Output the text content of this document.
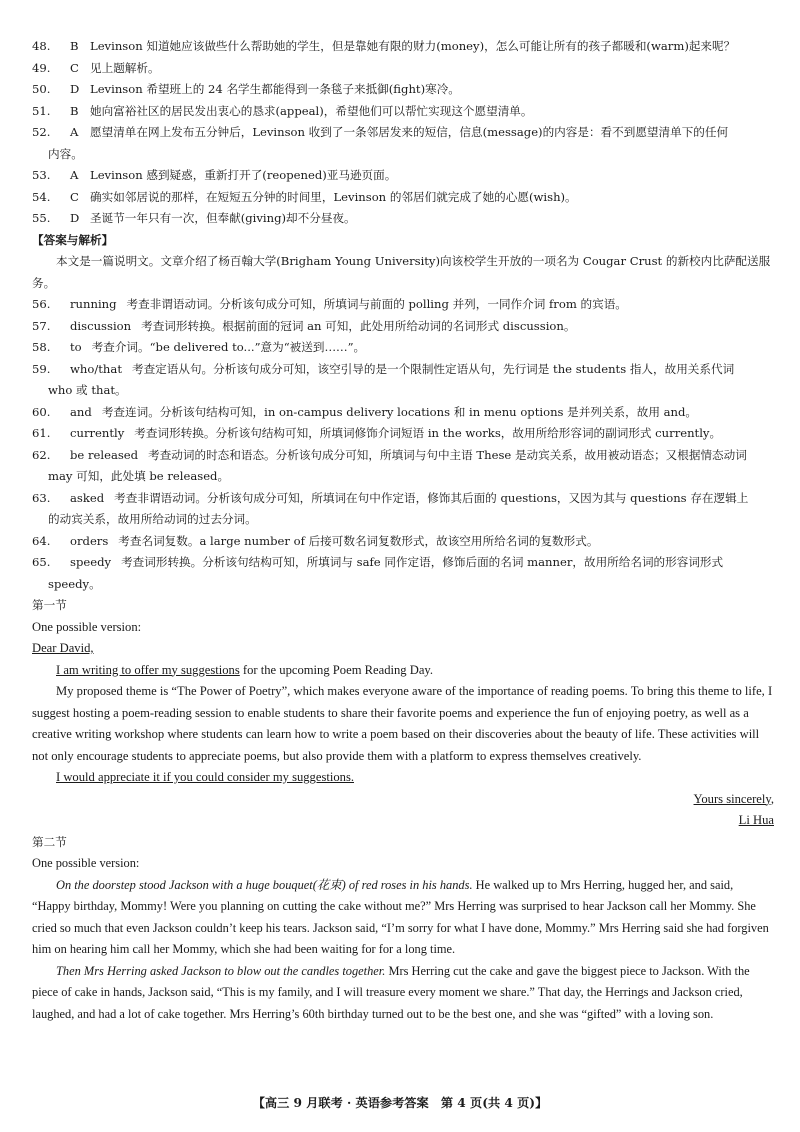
48. B Levinson 知道她应该做些什么帮助她的学生，但是靠她有限的财力(money)，怎么可能让所有的孩子都暖和(warm)起来呢？

49. C 见上题解析。

50. D Levinson 希望班上的 24 名学生都能得到一条毯子来抵御(fight)寒冷。

51. B 她向富裕社区的居民发出衷心的恳求(appeal)，希望他们可以帮忙实现这个愿望清单。

52. A 愿望清单在网上发布五分钟后，Levinson 收到了一条邻居发来的短信，信息(message)的内容是：看不到愿望清单下的任何

内容。

53. A Levinson 感到疑惑，重新打开了(reopened)亚马逊页面。

54. C 确实如邻居说的那样，在短短五分钟的时间里，Levinson 的邻居们就完成了她的心愿(wish)。

55. D 圣诞节一年只有一次，但奉献(giving)却不分昼夜。

【答案与解析】

本文是一篇说明文。文章介绍了杨百翰大学(Brigham Young University)向该校学生开放的一项名为 Cougar Crust 的新校内比萨配送服务。

56. running 考查非谓语动词。分析该句成分可知，所填词与前面的 polling 并列，一同作介词 from 的宾语。

57. discussion 考查词形转换。根据前面的冠词 an 可知，此处用所给动词的名词形式 discussion。

58. to 考查介词。“be delivered to...”意为“被送到……”。

59. who/that 考查定语从句。分析该句成分可知，该空引导的是一个限制性定语从句，先行词是 the students 指人，故用关系代词

who 或 that。

60. and 考查连词。分析该句结构可知，in on-campus delivery locations 和 in menu options 是并列关系，故用 and。

61. currently 考查词形转换。分析该句结构可知，所填词修饰介词短语 in the works，故用所给形容词的副词形式 currently。

62. be released 考查动词的时态和语态。分析该句成分可知，所填词与句中主语 These 是动宾关系，故用被动语态；又根据情态动词

may 可知，此处填 be released。

63. asked 考查非谓语动词。分析该句成分可知，所填词在句中作定语，修饰其后面的 questions，又因为其与 questions 存在逻辑上

的动宾关系，故用所给动词的过去分词。

64. orders 考查名词复数。a large number of 后接可数名词复数形式，故该空用所给名词的复数形式。

65. speedy 考查词形转换。分析该句结构可知，所填词与 safe 同作定语，修饰后面的名词 manner，故用所给名词的形容词形式

speedy。

第一节

One possible version:

Dear David,

I am writing to offer my suggestions for the upcoming Poem Reading Day.

My proposed theme is “The Power of Poetry”, which makes everyone aware of the importance of reading poems. To bring this theme to life, I suggest hosting a poem-reading session to enable students to share their favorite poems and experience the fun of enjoying poetry, as well as a creative writing workshop where students can learn how to write a poem based on their discoveries about the beauty of life. These activities will not only encourage students to appreciate poems, but also provide them with a platform to express themselves creatively.

I would appreciate it if you could consider my suggestions.

Yours sincerely,

Li Hua

第二节

One possible version:

On the doorstep stood Jackson with a huge bouquet(花束) of red roses in his hands. He walked up to Mrs Herring, hugged her, and said, “Happy birthday, Mommy! Were you planning on cutting the cake without me?” Mrs Herring was surprised to hear Jackson call her Mommy. She cried so much that even Jackson couldn’t keep his tears. Jackson said, “I’m sorry for what I have done, Mommy.” Mrs Herring said she had forgiven him on hearing him call her Mommy, which she had been waiting for for a long time.

Then Mrs Herring asked Jackson to blow out the candles together. Mrs Herring cut the cake and gave the biggest piece to Jackson. With the piece of cake in hands, Jackson said, “This is my family, and I will treasure every moment we share.” That day, the Herrings and Jackson cried, laughed, and had a lot of cake together. Mrs Herring’s 60th birthday turned out to be the best one, and she was “gifted” with a loving son.

【高三 9 月联考 · 英语参考答案　第 4 页(共 4 页)】
